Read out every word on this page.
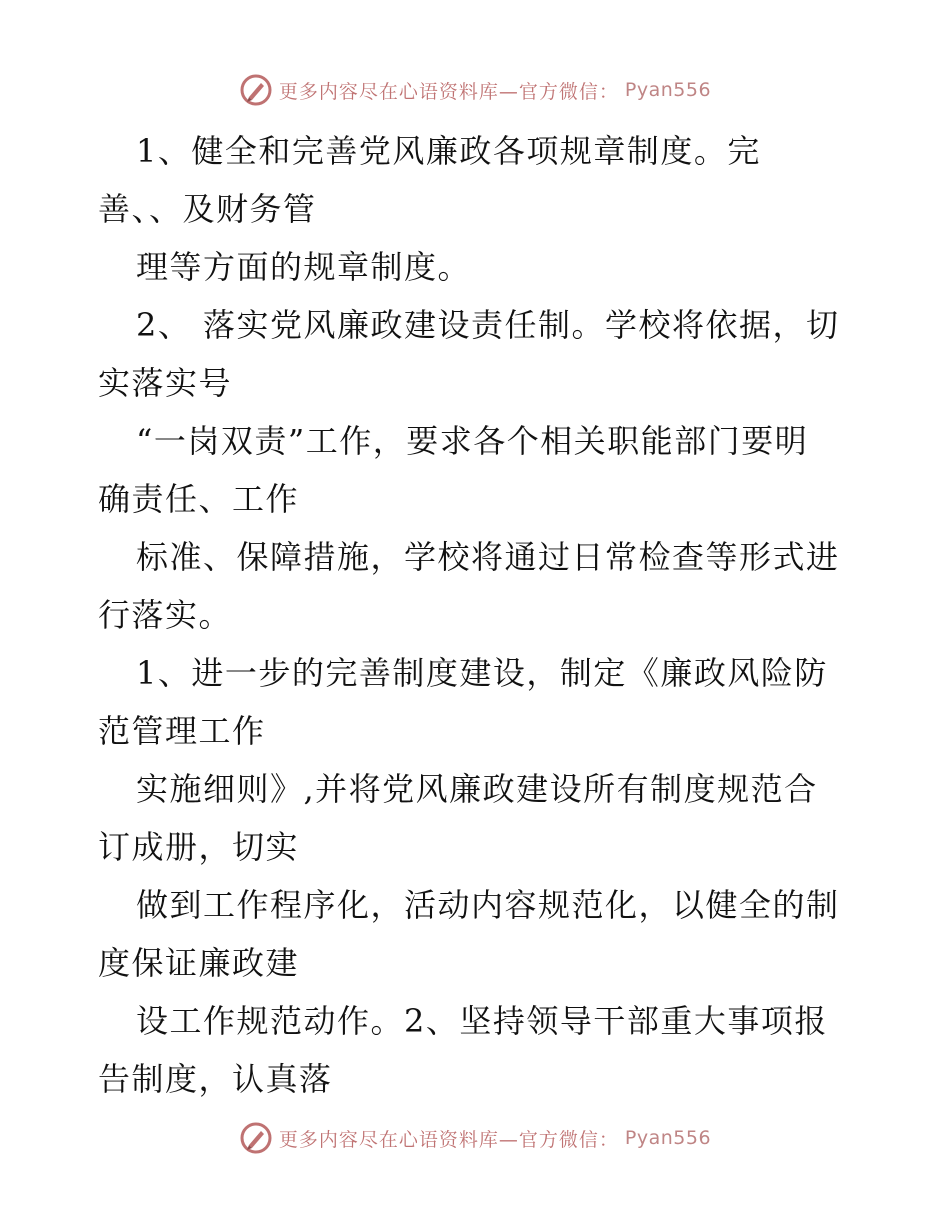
更多内容尽在心语资料库—官方微信： Pyan556
1、健全和完善党风廉政各项规章制度。完
善、、及财务管
理等方面的规章制度。
2、 落实党风廉政建设责任制。学校将依据，切
实落实号
“一岗双责”工作，要求各个相关职能部门要明
确责任、工作
标准、保障措施，学校将通过日常检查等形式进
行落实。
1、进一步的完善制度建设，制定《廉政风险防
范管理工作
实施细则》,并将党风廉政建设所有制度规范合
订成册，切实
做到工作程序化，活动内容规范化，以健全的制
度保证廉政建
设工作规范动作。2、坚持领导干部重大事项报
告制度，认真落
更多内容尽在心语资料库—官方微信： Pyan556
